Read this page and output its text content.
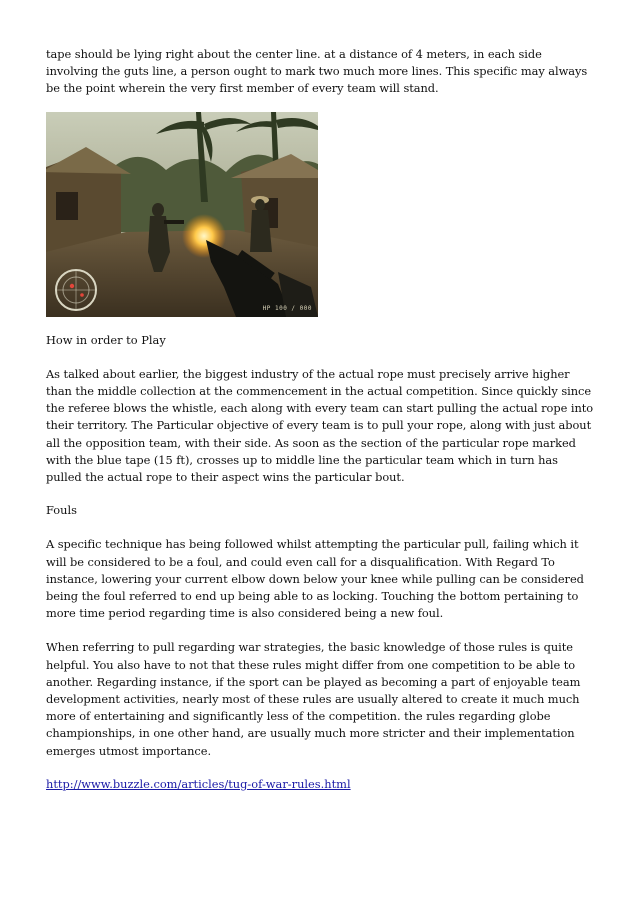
tape should be lying right about the center line. at a distance of 4 meters, in each side involving the guts line, a person ought to mark two much more lines. This specific may always be the point wherein the very first member of every team will stand.

HP 100 / 000

How in order to Play

As talked about earlier, the biggest industry of the actual rope must precisely arrive higher than the middle collection at the commencement in the actual competition. Since quickly since the referee blows the whistle, each along with every team can start pulling the actual rope into their territory. The Particular objective of every team is to pull your rope, along with just about all the opposition team, with their side. As soon as the section of the particular rope marked with the blue tape (15 ft), crosses up to middle line the particular team which in turn has pulled the actual rope to their aspect wins the particular bout.

Fouls

A specific technique has being followed whilst attempting the particular pull, failing which it will be considered to be a foul, and could even call for a disqualification. With Regard To instance, lowering your current elbow down below your knee while pulling can be considered being the foul referred to end up being able to as locking. Touching the bottom pertaining to more time period regarding time is also considered being a new foul.

When referring to pull regarding war strategies, the basic knowledge of those rules is quite helpful. You also have to not that these rules might differ from one competition to be able to another. Regarding instance, if the sport can be played as becoming a part of enjoyable team development activities, nearly most of these rules are usually altered to create it much much more of entertaining and significantly less of the competition. the rules regarding globe championships, in one other hand, are usually much more stricter and their implementation emerges utmost importance.

http://www.buzzle.com/articles/tug-of-war-rules.html
